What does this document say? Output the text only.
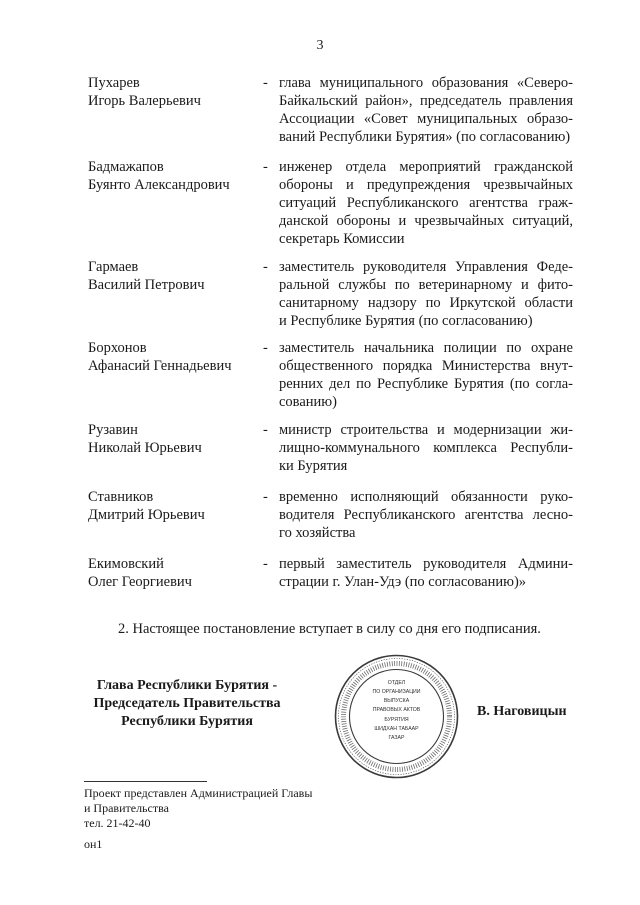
3
Пухарев
Игорь Валерьевич
- глава муниципального образования «Северо-
Байкальский район», председатель правления
Ассоциации «Совет муниципальных образо-
ваний Республики Бурятия» (по согласованию)
Бадмажапов
Буянто Александрович
- инженер отдела мероприятий гражданской
обороны и предупреждения чрезвычайных
ситуаций Республиканского агентства граж-
данской обороны и чрезвычайных ситуаций,
секретарь Комиссии
Гармаев
Василий Петрович
- заместитель руководителя Управления Феде-
ральной службы по ветеринарному и фито-
санитарному надзору по Иркутской области
и Республике Бурятия (по согласованию)
Борхонов
Афанасий Геннадьевич
- заместитель начальника полиции по охране
общественного порядка Министерства внут-
ренних дел по Республике Бурятия (по согла-
сованию)
Рузавин
Николай Юрьевич
- министр строительства и модернизации жи-
лищно-коммунального комплекса Республи-
ки Бурятия
Ставников
Дмитрий Юрьевич
- временно исполняющий обязанности руко-
водителя Республиканского агентства лесно-
го хозяйства
Екимовский
Олег Георгиевич
- первый заместитель руководителя Админи-
страции г. Улан-Удэ (по согласованию)»
2. Настоящее постановление вступает в силу со дня его подписания.
Глава Республики Бурятия -
Председатель Правительства
Республики Бурятия
ОТДЕЛ
ПО ОРГАНИЗАЦИИ
ВЫПУСКА
ПРАВОВЫХ АКТОВ
БУРЯТИЯ
ШИДХАН ТАБААР
ГАЗАР
В. Наговицын
Проект представлен Администрацией Главы
и Правительства
тел. 21-42-40
он1
